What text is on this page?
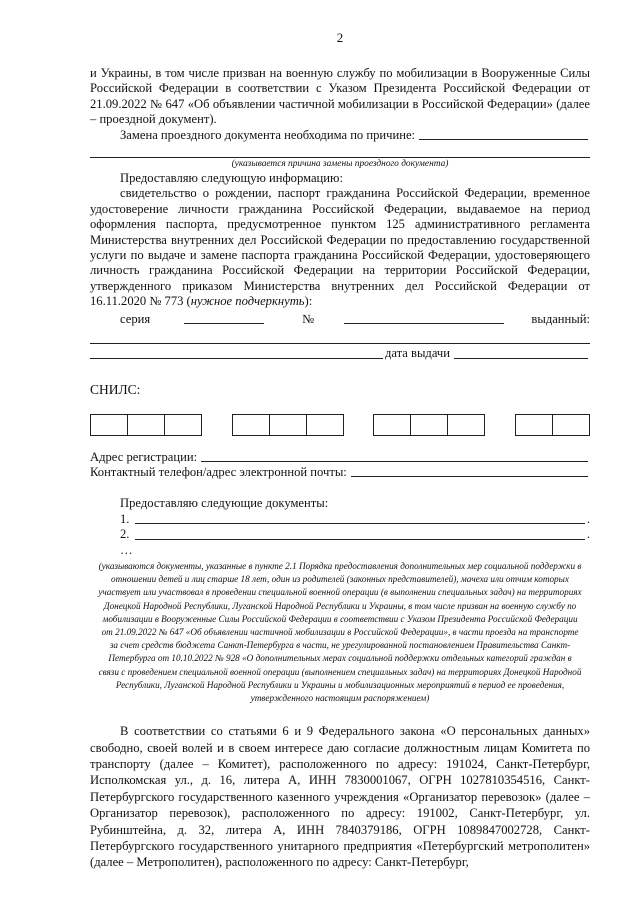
2

и Украины, в том числе призван на военную службу по мобилизации в Вооруженные Силы Российской Федерации в соответствии с Указом Президента Российской Федерации от 21.09.2022 № 647 «Об объявлении частичной мобилизации в Российской Федерации» (далее – проездной документ).

Замена проездного документа необходима по причине:
(указывается причина замены проездного документа)

Предоставляю следующую информацию:

свидетельство о рождении, паспорт гражданина Российской Федерации, временное удостоверение личности гражданина Российской Федерации, выдаваемое на период оформления паспорта, предусмотренное пунктом 125 административного регламента Министерства внутренних дел Российской Федерации по предоставлению государственной услуги по выдаче и замене паспорта гражданина Российской Федерации, удостоверяющего личность гражданина Российской Федерации на территории Российской Федерации, утвержденного приказом Министерства внутренних дел Российской Федерации от 16.11.2020 № 773 (нужное подчеркнуть):

серия	№	выданный:
дата выдачи
СНИЛС:
Адрес регистрации:
Контактный телефон/адрес электронной почты:
Предоставляю следующие документы:
1.	.
2.	.
…
(указываются документы, указанные в пункте 2.1 Порядка предоставления дополнительных мер социальной поддержки в отношении детей и лиц старше 18 лет, один из родителей (законных представителей), мачеха или отчим которых участвует или участвовал в проведении специальной военной операции (в выполнении специальных задач) на территориях Донецкой Народной Республики, Луганской Народной Республики и Украины, в том числе призван на военную службу по мобилизации в Вооруженные Силы Российской Федерации в соответствии с Указом Президента Российской Федерации от 21.09.2022 № 647 «Об объявлении частичной мобилизации в Российской Федерации», в части проезда на транспорте за счет средств бюджета Санкт-Петербурга в части, не урегулированной постановлением Правительства Санкт-Петербурга от 10.10.2022 № 928 «О дополнительных мерах социальной поддержки отдельных категорий граждан в связи с проведением специальной военной операции (выполнением специальных задач) на территориях Донецкой Народной Республики, Луганской Народной Республики и Украины и мобилизационных мероприятий в период ее проведения, утвержденного настоящим распоряжением)

В соответствии со статьями 6 и 9 Федерального закона «О персональных данных» свободно, своей волей и в своем интересе даю согласие должностным лицам Комитета по транспорту (далее – Комитет), расположенного по адресу: 191024, Санкт-Петербург, Исполкомская ул., д. 16, литера А, ИНН 7830001067, ОГРН 1027810354516, Санкт-Петербургского государственного казенного учреждения «Организатор перевозок» (далее – Организатор перевозок), расположенного по адресу: 191002, Санкт-Петербург, ул. Рубинштейна, д. 32, литера А, ИНН 7840379186, ОГРН 1089847002728, Санкт-Петербургского государственного унитарного предприятия «Петербургский метрополитен» (далее – Метрополитен), расположенного по адресу: Санкт-Петербург,
